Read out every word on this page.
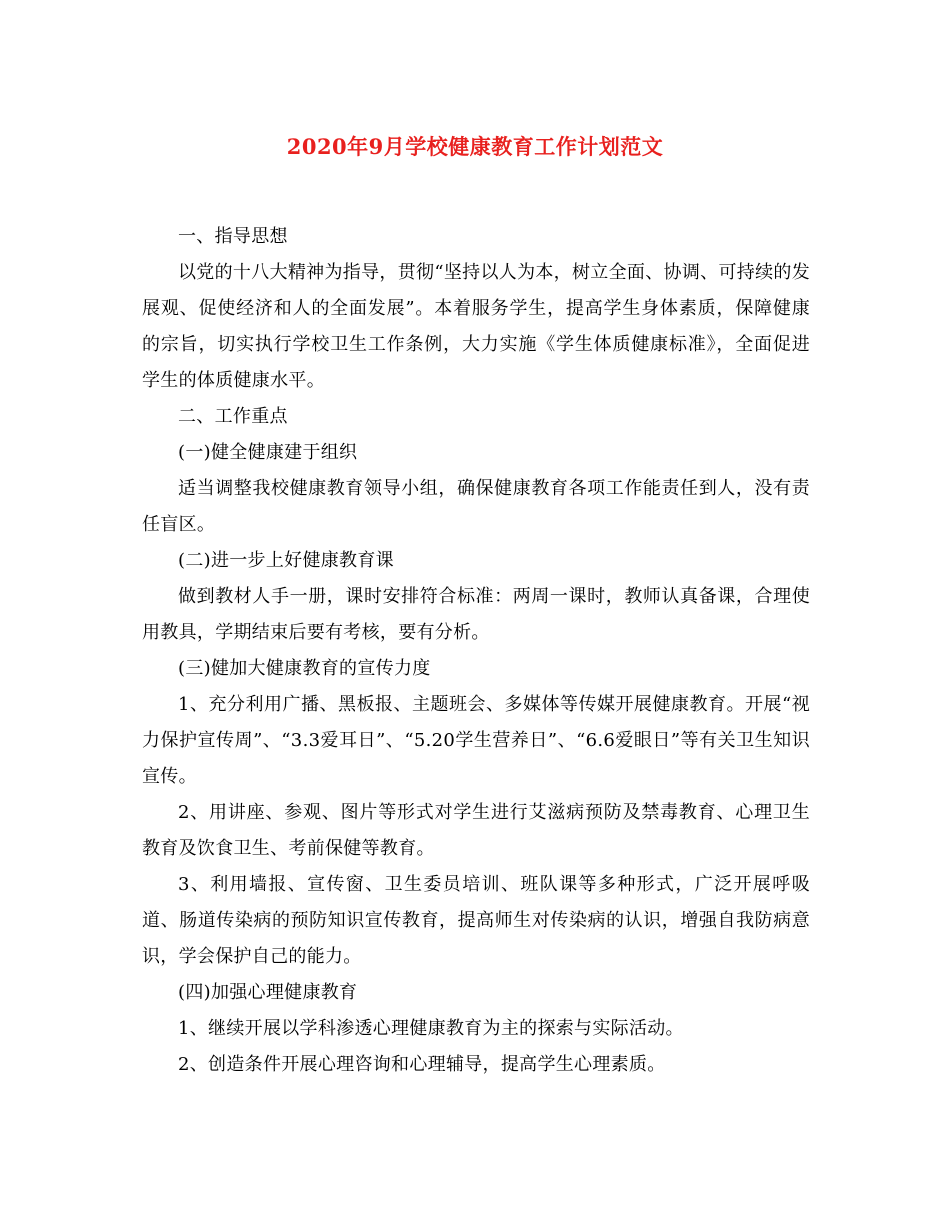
2020年9月学校健康教育工作计划范文

一、指导思想

以党的十八大精神为指导，贯彻“坚持以人为本，树立全面、协调、可持续的发展观、促使经济和人的全面发展”。本着服务学生，提高学生身体素质，保障健康的宗旨，切实执行学校卫生工作条例，大力实施《学生体质健康标准》，全面促进学生的体质健康水平。

二、工作重点

(一)健全健康建于组织

适当调整我校健康教育领导小组，确保健康教育各项工作能责任到人，没有责任盲区。

(二)进一步上好健康教育课

做到教材人手一册，课时安排符合标准：两周一课时，教师认真备课，合理使用教具，学期结束后要有考核，要有分析。

(三)健加大健康教育的宣传力度

1、充分利用广播、黑板报、主题班会、多媒体等传媒开展健康教育。开展“视力保护宣传周”、“3.3爱耳日”、“5.20学生营养日”、“6.6爱眼日”等有关卫生知识宣传。

2、用讲座、参观、图片等形式对学生进行艾滋病预防及禁毒教育、心理卫生教育及饮食卫生、考前保健等教育。

3、利用墙报、宣传窗、卫生委员培训、班队课等多种形式，广泛开展呼吸道、肠道传染病的预防知识宣传教育，提高师生对传染病的认识，增强自我防病意识，学会保护自己的能力。

(四)加强心理健康教育

1、继续开展以学科渗透心理健康教育为主的探索与实际活动。

2、创造条件开展心理咨询和心理辅导，提高学生心理素质。
